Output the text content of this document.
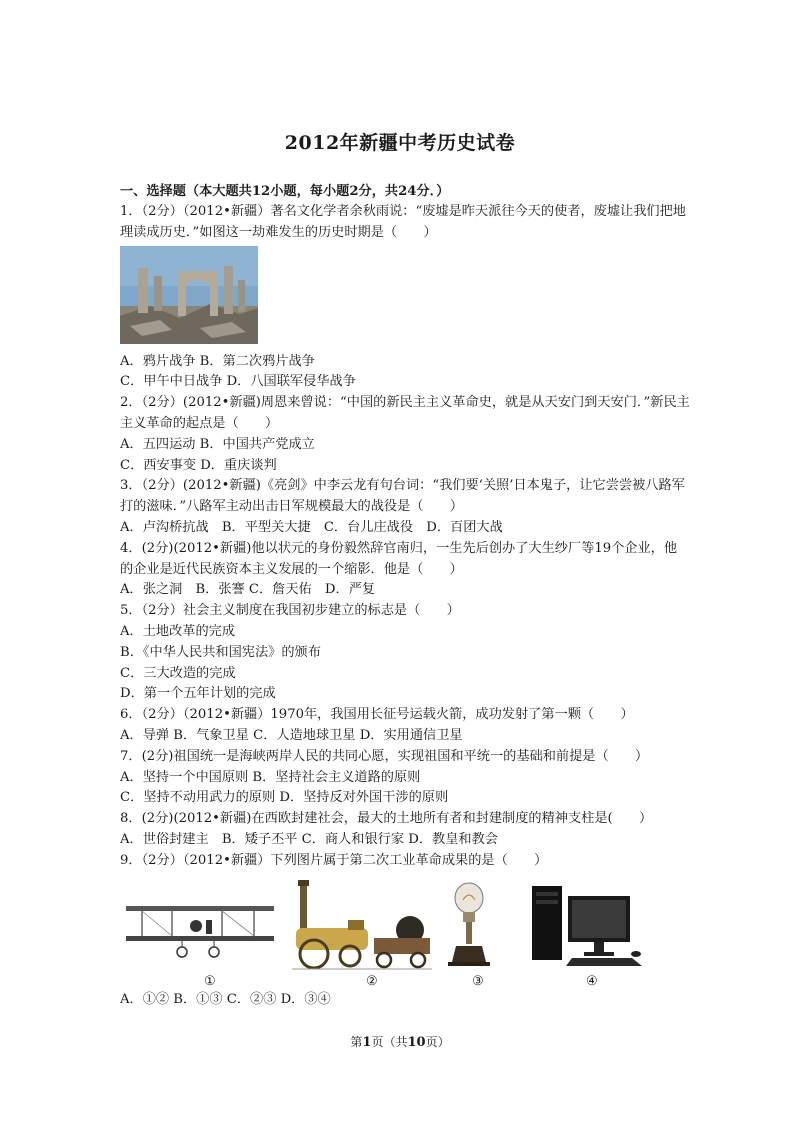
2012年新疆中考历史试卷
一、选择题（本大题共12小题，每小题2分，共24分．）
1．（2分）（2012•新疆）著名文化学者余秋雨说：“废墟是昨天派往今天的使者，废墟让我们把地理读成历史．”如图这一劫难发生的历史时期是（　　）
A．鸦片战争 B．第二次鸦片战争
C．甲午中日战争 D．八国联军侵华战争
2．（2分）(2012•新疆)周恩来曾说：“中国的新民主主义革命史，就是从天安门到天安门．”新民主主义革命的起点是（　　）
A．五四运动 B．中国共产党成立
C．西安事变 D．重庆谈判
3．（2分）(2012•新疆)《亮剑》中李云龙有句台词：“我们要‘关照’日本鬼子，让它尝尝被八路军打的滋味．”八路军主动出击日军规模最大的战役是（　　）
A．卢沟桥抗战　B．平型关大捷　C．台儿庄战役　D．百团大战
4．(2分)(2012•新疆)他以状元的身份毅然辞官南归，一生先后创办了大生纱厂等19个企业，他的企业是近代民族资本主义发展的一个缩影．他是（　　）
A．张之洞　B．张謇 C．詹天佑　D．严复
5．（2分）社会主义制度在我国初步建立的标志是（　　）
A．土地改革的完成
B．《中华人民共和国宪法》的颁布
C．三大改造的完成
D．第一个五年计划的完成
6．（2分）（2012•新疆）1970年，我国用长征号运载火箭，成功发射了第一颗（　　）
A．导弹 B．气象卫星 C．人造地球卫星 D．实用通信卫星
7．(2分)祖国统一是海峡两岸人民的共同心愿，实现祖国和平统一的基础和前提是（　　）
A．坚持一个中国原则 B．坚持社会主义道路的原则
C．坚持不动用武力的原则 D．坚持反对外国干涉的原则
8．(2分)(2012•新疆)在西欧封建社会，最大的土地所有者和封建制度的精神支柱是(　　）
A．世俗封建主　B．矮子丕平 C．商人和银行家 D．教皇和教会
9．（2分）（2012•新疆）下列图片属于第二次工业革命成果的是（　　）
①	②	③	④
A．①② B．①③ C．②③ D．③④
第1页（共10页）
